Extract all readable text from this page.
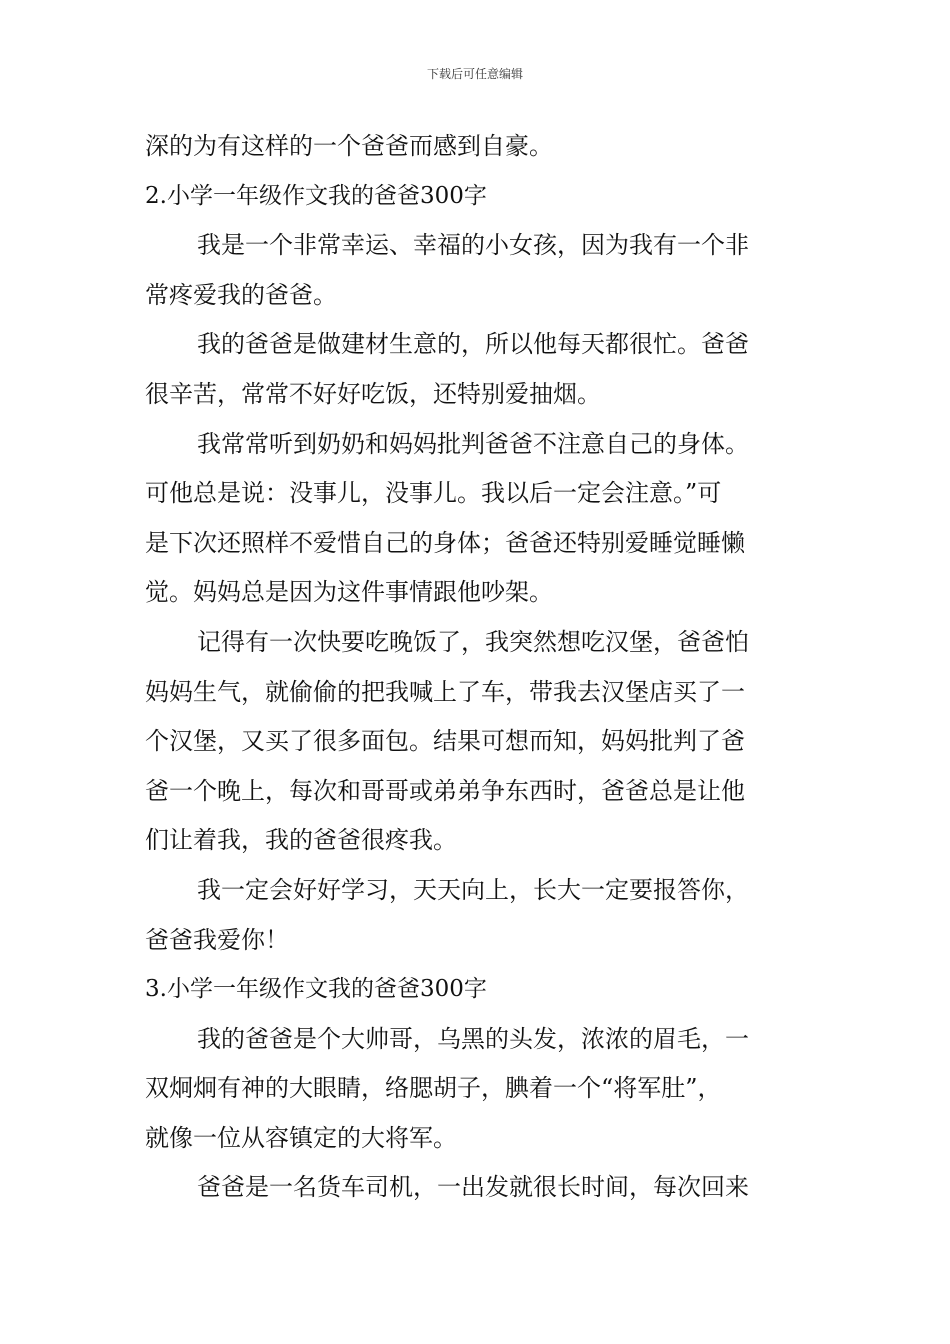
下载后可任意编辑
深的为有这样的一个爸爸而感到自豪。
2.小学一年级作文我的爸爸300字
我是一个非常幸运、幸福的小女孩，因为我有一个非
常疼爱我的爸爸。
我的爸爸是做建材生意的，所以他每天都很忙。爸爸
很辛苦，常常不好好吃饭，还特别爱抽烟。
我常常听到奶奶和妈妈批判爸爸不注意自己的身体。
可他总是说：没事儿，没事儿。我以后一定会注意。”可
是下次还照样不爱惜自己的身体；爸爸还特别爱睡觉睡懒
觉。妈妈总是因为这件事情跟他吵架。
记得有一次快要吃晚饭了，我突然想吃汉堡，爸爸怕
妈妈生气，就偷偷的把我喊上了车，带我去汉堡店买了一
个汉堡，又买了很多面包。结果可想而知，妈妈批判了爸
爸一个晚上，每次和哥哥或弟弟争东西时，爸爸总是让他
们让着我，我的爸爸很疼我。
我一定会好好学习，天天向上，长大一定要报答你，
爸爸我爱你！
3.小学一年级作文我的爸爸300字
我的爸爸是个大帅哥，乌黑的头发，浓浓的眉毛，一
双炯炯有神的大眼睛，络腮胡子，腆着一个“将军肚”，
就像一位从容镇定的大将军。
爸爸是一名货车司机，一出发就很长时间，每次回来
